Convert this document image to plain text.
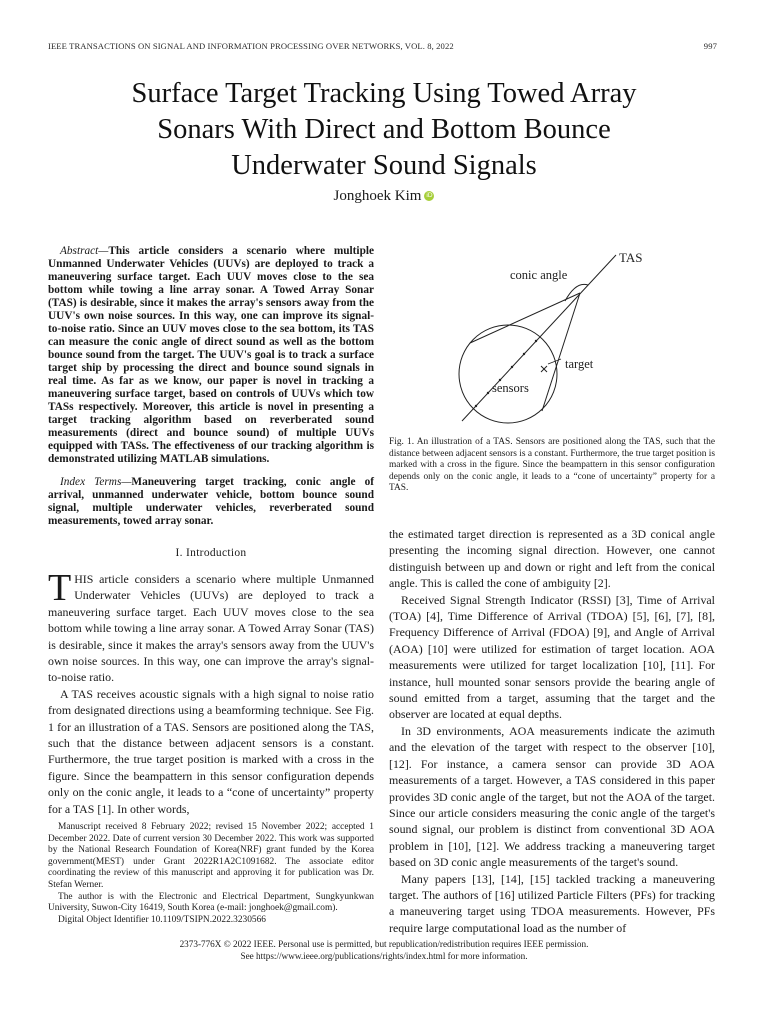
IEEE TRANSACTIONS ON SIGNAL AND INFORMATION PROCESSING OVER NETWORKS, VOL. 8, 2022	997
Surface Target Tracking Using Towed Array
Sonars With Direct and Bottom Bounce
Underwater Sound Signals
Jonghoek Kim iD

Abstract—This article considers a scenario where multiple Unmanned Underwater Vehicles (UUVs) are deployed to track a maneuvering surface target. Each UUV moves close to the sea bottom while towing a line array sonar. A Towed Array Sonar (TAS) is desirable, since it makes the array's sensors away from the UUV's own noise sources. In this way, one can improve its signal-to-noise ratio. Since an UUV moves close to the sea bottom, its TAS can measure the conic angle of direct sound as well as the bottom bounce sound from the target. The UUV's goal is to track a surface target ship by processing the direct and bounce sound signals in real time. As far as we know, our paper is novel in tracking a maneuvering surface target, based on controls of UUVs which tow TASs respectively. Moreover, this article is novel in presenting a target tracking algorithm based on reverberated sound measurements (direct and bounce sound) of multiple UUVs equipped with TASs. The effectiveness of our tracking algorithm is demonstrated utilizing MATLAB simulations.

Index Terms—Maneuvering target tracking, conic angle of arrival, unmanned underwater vehicle, bottom bounce sound signal, multiple underwater vehicles, reverberated sound measurements, towed array sonar.

I. Introduction

THIS article considers a scenario where multiple Unmanned Underwater Vehicles (UUVs) are deployed to track a maneuvering surface target. Each UUV moves close to the sea bottom while towing a line array sonar. A Towed Array Sonar (TAS) is desirable, since it makes the array's sensors away from the UUV's own noise sources. In this way, one can improve the array's signal-to-noise ratio.

A TAS receives acoustic signals with a high signal to noise ratio from designated directions using a beamforming technique. See Fig. 1 for an illustration of a TAS. Sensors are positioned along the TAS, such that the distance between adjacent sensors is a constant. Furthermore, the true target position is marked with a cross in the figure. Since the beampattern in this sensor configuration depends only on the conic angle, it leads to a “cone of uncertainty” property for a TAS [1]. In other words,

Manuscript received 8 February 2022; revised 15 November 2022; accepted 1 December 2022. Date of current version 30 December 2022. This work was supported by the National Research Foundation of Korea(NRF) grant funded by the Korea government(MEST) under Grant 2022R1A2C1091682. The associate editor coordinating the review of this manuscript and approving it for publication was Dr. Stefan Werner.

The author is with the Electronic and Electrical Department, Sungkyunkwan University, Suwon-City 16419, South Korea (e-mail: jonghoek@gmail.com).

Digital Object Identifier 10.1109/TSIPN.2022.3230566

TAS
conic angle
target
sensors
Fig. 1. An illustration of a TAS. Sensors are positioned along the TAS, such that the distance between adjacent sensors is a constant. Furthermore, the true target position is marked with a cross in the figure. Since the beampattern in this sensor configuration depends only on the conic angle, it leads to a “cone of uncertainty” property for a TAS.

the estimated target direction is represented as a 3D conical angle presenting the incoming signal direction. However, one cannot distinguish between up and down or right and left from the conical angle. This is called the cone of ambiguity [2].

Received Signal Strength Indicator (RSSI) [3], Time of Arrival (TOA) [4], Time Difference of Arrival (TDOA) [5], [6], [7], [8], Frequency Difference of Arrival (FDOA) [9], and Angle of Arrival (AOA) [10] were utilized for estimation of target location. AOA measurements were utilized for target localization [10], [11]. For instance, hull mounted sonar sensors provide the bearing angle of sound emitted from a target, assuming that the target and the observer are located at equal depths.

In 3D environments, AOA measurements indicate the azimuth and the elevation of the target with respect to the observer [10], [12]. For instance, a camera sensor can provide 3D AOA measurements of a target. However, a TAS considered in this paper provides 3D conic angle of the target, but not the AOA of the target. Since our article considers measuring the conic angle of the target's sound signal, our problem is distinct from conventional 3D AOA problem in [10], [12]. We address tracking a maneuvering target based on 3D conic angle measurements of the target's sound.

Many papers [13], [14], [15] tackled tracking a maneuvering target. The authors of [16] utilized Particle Filters (PFs) for tracking a maneuvering target using TDOA measurements. However, PFs require large computational load as the number of

2373-776X © 2022 IEEE. Personal use is permitted, but republication/redistribution requires IEEE permission.
See https://www.ieee.org/publications/rights/index.html for more information.
